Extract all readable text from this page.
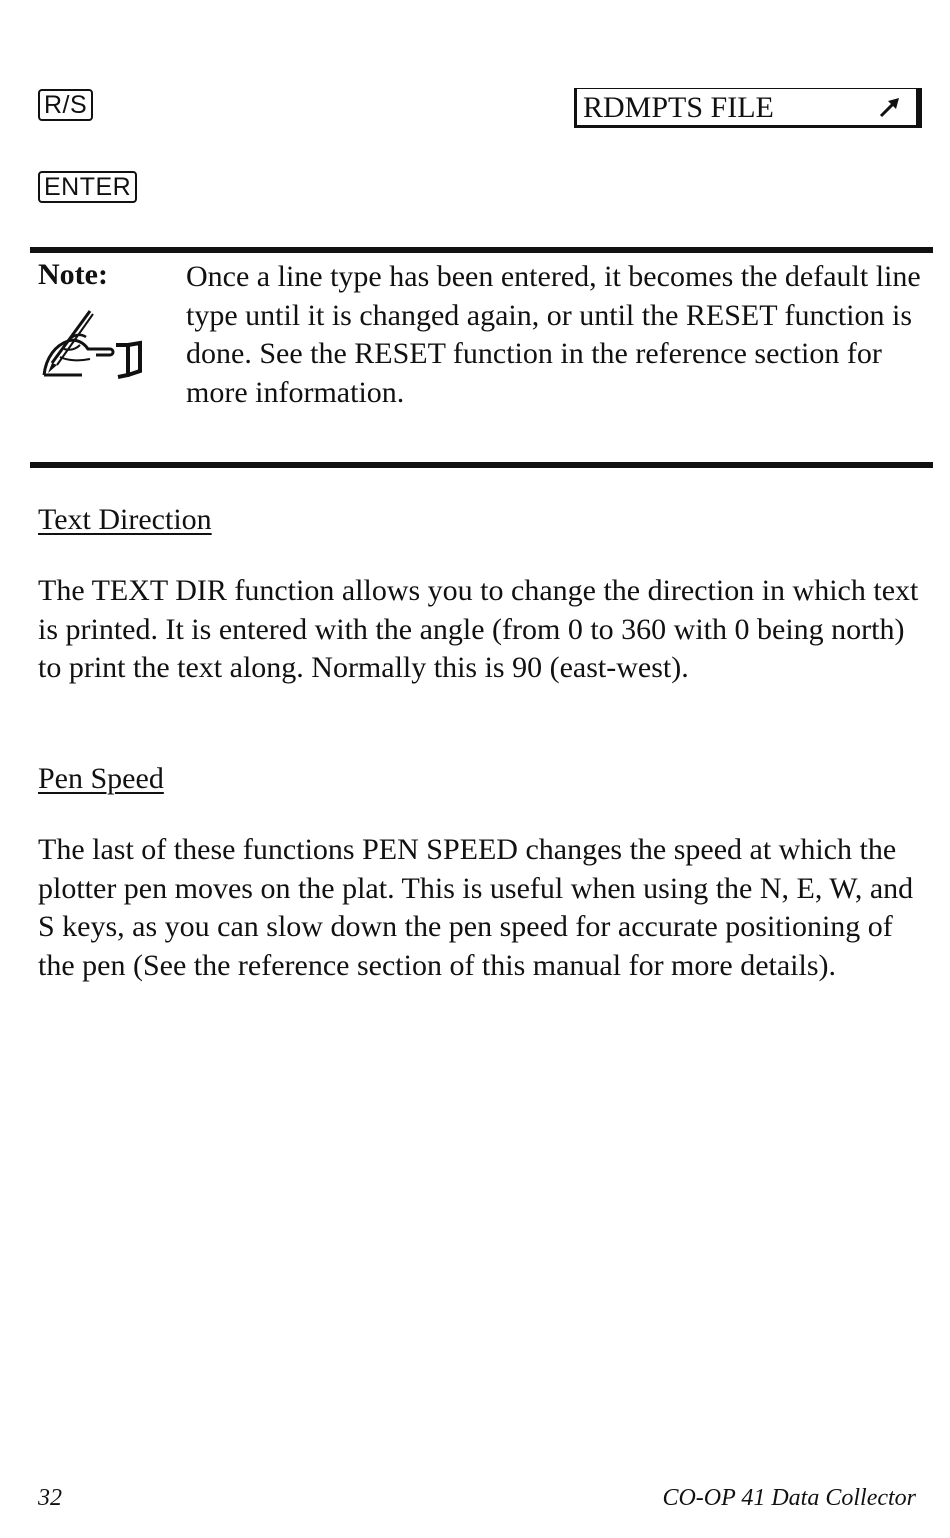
R/S
ENTER
RDMPTS FILE
Note:	Once a line type has been entered, it becomes the default line type until it is changed again, or until the RESET function is done. See the RESET function in the reference section for more information.

Text Direction

The TEXT DIR function allows you to change the direction in which text is printed. It is entered with the angle (from 0 to 360 with 0 being north) to print the text along. Normally this is 90 (east-west).

Pen Speed

The last of these functions PEN SPEED changes the speed at which the plotter pen moves on the plat. This is useful when using the N, E, W, and S keys, as you can slow down the pen speed for accurate positioning of the pen (See the reference section of this manual for more details).

32	CO-OP 41 Data Collector
